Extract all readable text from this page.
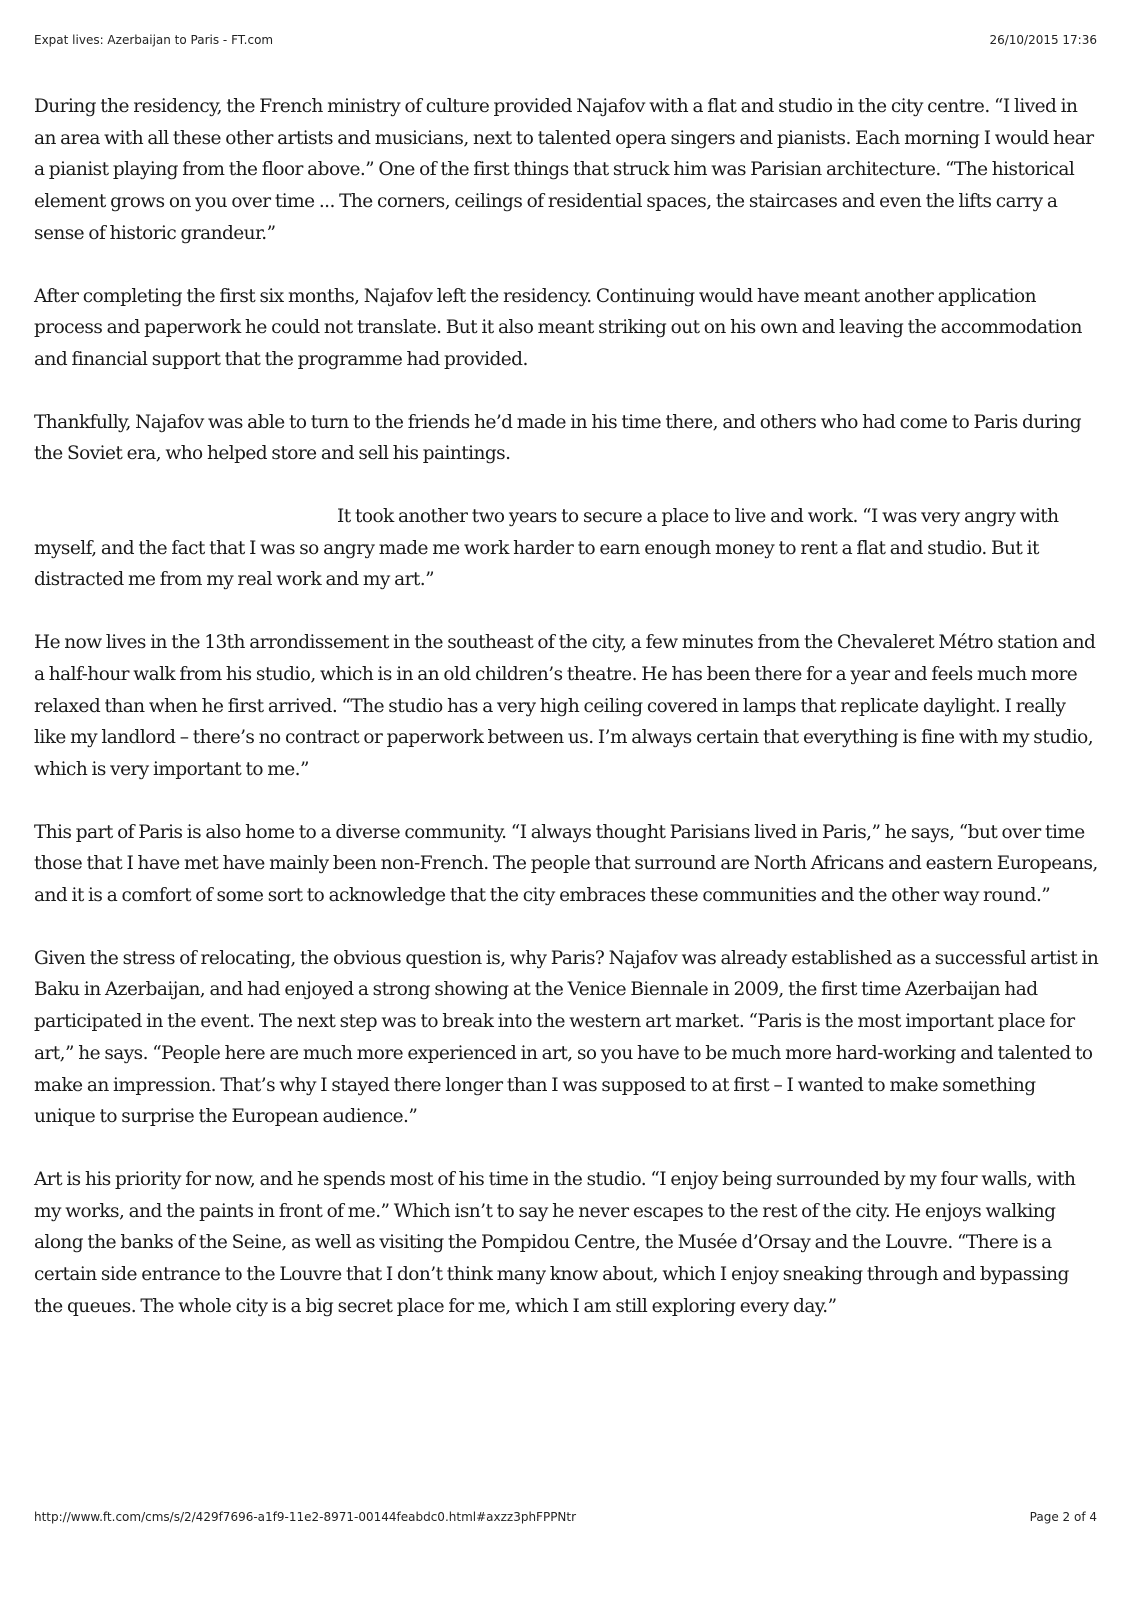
Expat lives: Azerbaijan to Paris - FT.com	26/10/2015 17:36

During the residency, the French ministry of culture provided Najafov with a flat and studio in the city centre. “I lived in an area with all these other artists and musicians, next to talented opera singers and pianists. Each morning I would hear a pianist playing from the floor above.” One of the first things that struck him was Parisian architecture. “The historical element grows on you over time ... The corners, ceilings of residential spaces, the staircases and even the lifts carry a sense of historic grandeur.”

After completing the first six months, Najafov left the residency. Continuing would have meant another application process and paperwork he could not translate. But it also meant striking out on his own and leaving the accommodation and financial support that the programme had provided.

Thankfully, Najafov was able to turn to the friends he’d made in his time there, and others who had come to Paris during the Soviet era, who helped store and sell his paintings.

It took another two years to secure a place to live and work. “I was very angry with myself, and the fact that I was so angry made me work harder to earn enough money to rent a flat and studio. But it distracted me from my real work and my art.”

He now lives in the 13th arrondissement in the southeast of the city, a few minutes from the Chevaleret Métro station and a half-hour walk from his studio, which is in an old children’s theatre. He has been there for a year and feels much more relaxed than when he first arrived. “The studio has a very high ceiling covered in lamps that replicate daylight. I really like my landlord – there’s no contract or paperwork between us. I’m always certain that everything is fine with my studio, which is very important to me.”

This part of Paris is also home to a diverse community. “I always thought Parisians lived in Paris,” he says, “but over time those that I have met have mainly been non-French. The people that surround are North Africans and eastern Europeans, and it is a comfort of some sort to acknowledge that the city embraces these communities and the other way round.”

Given the stress of relocating, the obvious question is, why Paris? Najafov was already established as a successful artist in Baku in Azerbaijan, and had enjoyed a strong showing at the Venice Biennale in 2009, the first time Azerbaijan had participated in the event. The next step was to break into the western art market. “Paris is the most important place for art,” he says. “People here are much more experienced in art, so you have to be much more hard-working and talented to make an impression. That’s why I stayed there longer than I was supposed to at first – I wanted to make something unique to surprise the European audience.”

Art is his priority for now, and he spends most of his time in the studio. “I enjoy being surrounded by my four walls, with my works, and the paints in front of me.” Which isn’t to say he never escapes to the rest of the city. He enjoys walking along the banks of the Seine, as well as visiting the Pompidou Centre, the Musée d’Orsay and the Louvre. “There is a certain side entrance to the Louvre that I don’t think many know about, which I enjoy sneaking through and bypassing the queues. The whole city is a big secret place for me, which I am still exploring every day.”

http://www.ft.com/cms/s/2/429f7696-a1f9-11e2-8971-00144feabdc0.html#axzz3phFPPNtr	Page 2 of 4
